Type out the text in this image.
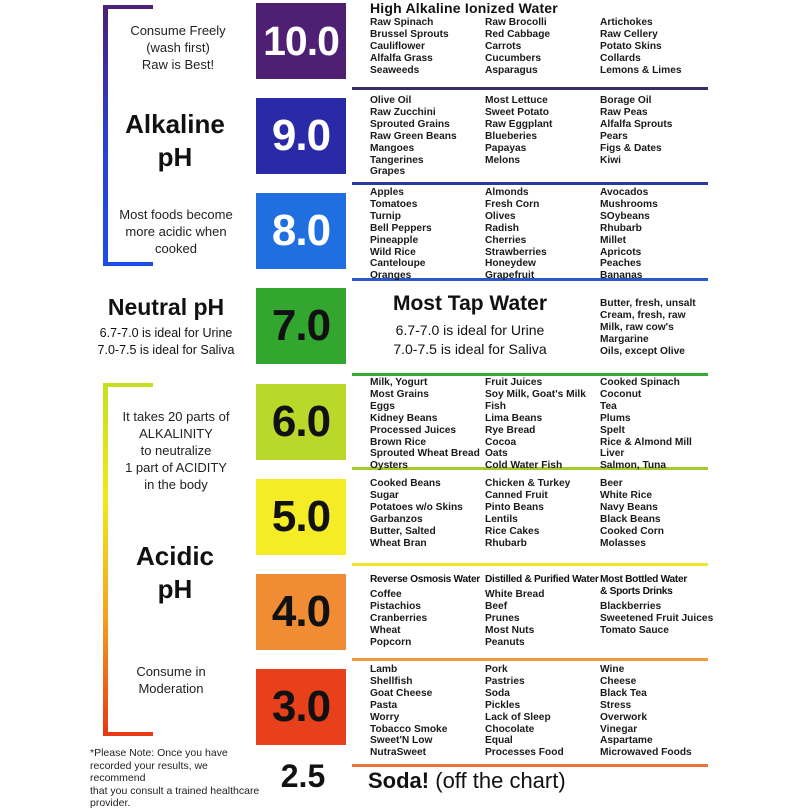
Consume Freely
(wash first)
Raw is Best!
Alkaline
pH
Most foods become
more acidic when
cooked
Neutral pH
6.7-7.0 is ideal for Urine
7.0-7.5 is ideal for Saliva
It takes 20 parts of
ALKALINITY
to neutralize
1 part of ACIDITY
in the body
Acidic
pH
Consume in
Moderation
*Please Note: Once you have
recorded your results, we recommend
that you consult a trained healthcare
provider.
10.0
9.0
8.0
7.0
6.0
5.0
4.0
3.0
2.5
High Alkaline Ionized Water
Raw Spinach
Brussel Sprouts
Cauliflower
Alfalfa Grass
Seaweeds
Raw Brocolli
Red Cabbage
Carrots
Cucumbers
Asparagus
Artichokes
Raw Cellery
Potato Skins
Collards
Lemons & Limes
Olive Oil
Raw Zucchini
Sprouted Grains
Raw Green Beans
Mangoes
Tangerines
Grapes
Most Lettuce
Sweet Potato
Raw Eggplant
Blueberies
Papayas
Melons
Borage Oil
Raw Peas
Alfalfa Sprouts
Pears
Figs & Dates
Kiwi
Apples
Tomatoes
Turnip
Bell Peppers
Pineapple
Wild Rice
Canteloupe
Oranges
Almonds
Fresh Corn
Olives
Radish
Cherries
Strawberries
Honeydew
Grapefruit
Avocados
Mushrooms
SOybeans
Rhubarb
Millet
Apricots
Peaches
Bananas
Most Tap Water
6.7-7.0 is ideal for Urine
7.0-7.5 is ideal for Saliva
Butter, fresh, unsalt
Cream, fresh, raw
Milk, raw cow's
Margarine
Oils, except Olive
Milk, Yogurt
Most Grains
Eggs
Kidney Beans
Processed Juices
Brown Rice
Sprouted Wheat Bread
Oysters
Fruit Juices
Soy Milk, Goat's Milk
Fish
Lima Beans
Rye Bread
Cocoa
Oats
Cold Water Fish
Cooked Spinach
Coconut
Tea
Plums
Spelt
Rice & Almond Mill
Liver
Salmon, Tuna
Cooked Beans
Sugar
Potatoes w/o Skins
Garbanzos
Butter, Salted
Wheat Bran
Chicken & Turkey
Canned Fruit
Pinto Beans
Lentils
Rice Cakes
Rhubarb
Beer
White Rice
Navy Beans
Black Beans
Cooked Corn
Molasses
Reverse Osmosis Water Distilled & Purified Water Most Bottled Water
& Sports Drinks
Coffee
Pistachios
Cranberries
Wheat
Popcorn
White Bread
Beef
Prunes
Most Nuts
Peanuts
Blackberries
Sweetened Fruit Juices
Tomato Sauce
Lamb
Shellfish
Goat Cheese
Pasta
Worry
Tobacco Smoke
Sweet'N Low
NutraSweet
Pork
Pastries
Soda
Pickles
Lack of Sleep
Chocolate
Equal
Processes Food
Wine
Cheese
Black Tea
Stress
Overwork
Vinegar
Aspartame
Microwaved Foods
Soda! (off the chart)
